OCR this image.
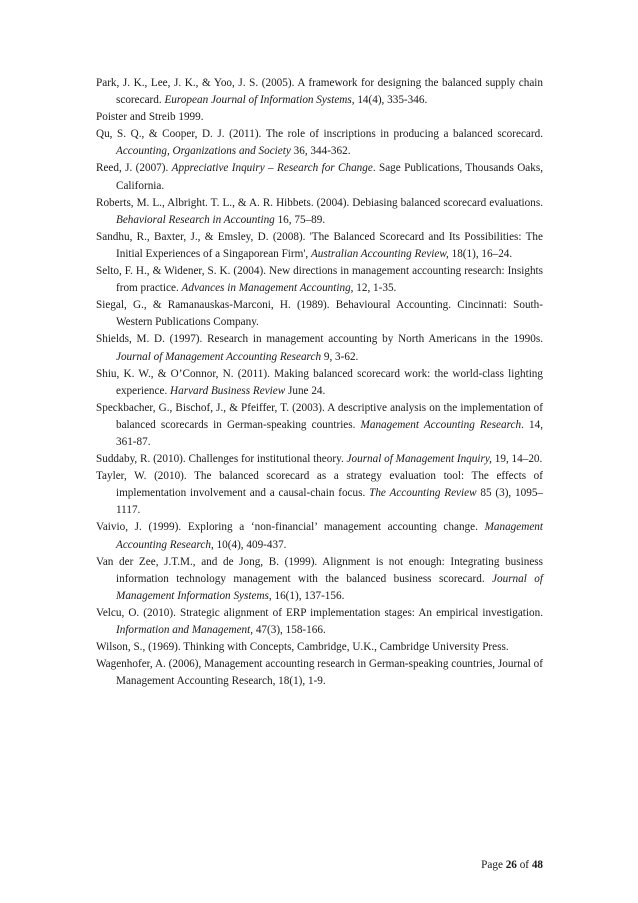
Park, J. K., Lee, J. K., & Yoo, J. S. (2005). A framework for designing the balanced supply chain scorecard. European Journal of Information Systems, 14(4), 335-346.

Poister and Streib 1999.

Qu, S. Q., & Cooper, D. J. (2011). The role of inscriptions in producing a balanced scorecard. Accounting, Organizations and Society 36, 344-362.

Reed, J. (2007). Appreciative Inquiry – Research for Change. Sage Publications, Thousands Oaks, California.

Roberts, M. L., Albright. T. L., & A. R. Hibbets. (2004). Debiasing balanced scorecard evaluations. Behavioral Research in Accounting 16, 75–89.

Sandhu, R., Baxter, J., & Emsley, D. (2008). 'The Balanced Scorecard and Its Possibilities: The Initial Experiences of a Singaporean Firm', Australian Accounting Review, 18(1), 16–24.

Selto, F. H., & Widener, S. K. (2004). New directions in management accounting research: Insights from practice. Advances in Management Accounting, 12, 1-35.

Siegal, G., & Ramanauskas-Marconi, H. (1989). Behavioural Accounting. Cincinnati: South-Western Publications Company.

Shields, M. D. (1997). Research in management accounting by North Americans in the 1990s. Journal of Management Accounting Research 9, 3-62.

Shiu, K. W., & O’Connor, N. (2011). Making balanced scorecard work: the world-class lighting experience. Harvard Business Review June 24.

Speckbacher, G., Bischof, J., & Pfeiffer, T. (2003). A descriptive analysis on the implementation of balanced scorecards in German-speaking countries. Management Accounting Research. 14, 361-87.

Suddaby, R. (2010). Challenges for institutional theory. Journal of Management Inquiry, 19, 14–20.

Tayler, W. (2010). The balanced scorecard as a strategy evaluation tool: The effects of implementation involvement and a causal-chain focus. The Accounting Review 85 (3), 1095–1117.

Vaivio, J. (1999). Exploring a ‘non-financial’ management accounting change. Management Accounting Research, 10(4), 409-437.

Van der Zee, J.T.M., and de Jong, B. (1999). Alignment is not enough: Integrating business information technology management with the balanced business scorecard. Journal of Management Information Systems, 16(1), 137-156.

Velcu, O. (2010). Strategic alignment of ERP implementation stages: An empirical investigation. Information and Management, 47(3), 158-166.

Wilson, S., (1969). Thinking with Concepts, Cambridge, U.K., Cambridge University Press.

Wagenhofer, A. (2006), Management accounting research in German-speaking countries, Journal of Management Accounting Research, 18(1), 1-9.

Page 26 of 48
